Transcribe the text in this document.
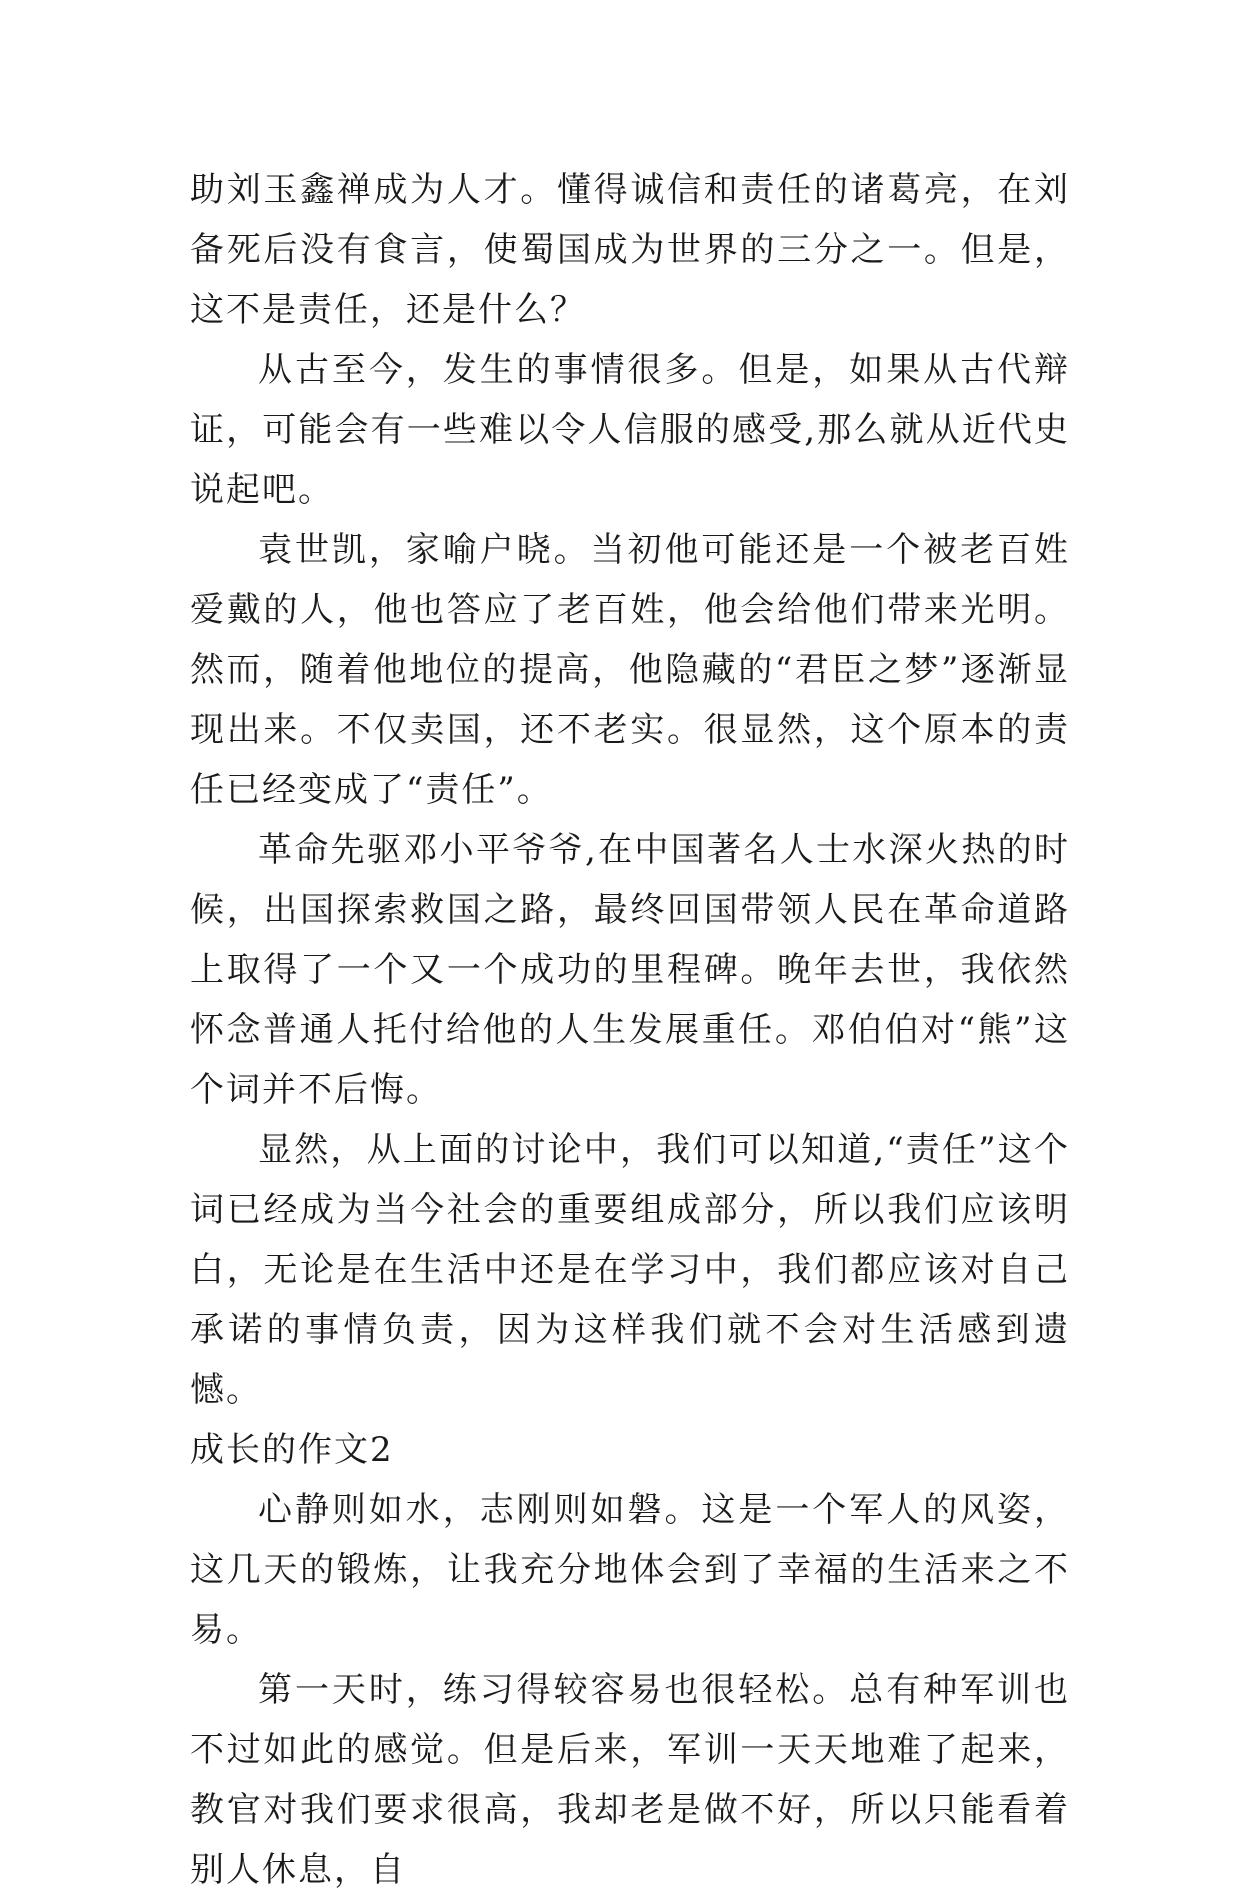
助刘玉鑫禅成为人才。懂得诚信和责任的诸葛亮，在刘备死后没有食言，使蜀国成为世界的三分之一。但是，这不是责任，还是什么？

从古至今，发生的事情很多。但是，如果从古代辩证，可能会有一些难以令人信服的感受,那么就从近代史说起吧。

袁世凯，家喻户晓。当初他可能还是一个被老百姓爱戴的人，他也答应了老百姓，他会给他们带来光明。然而，随着他地位的提高，他隐藏的“君臣之梦”逐渐显现出来。不仅卖国，还不老实。很显然，这个原本的责任已经变成了“责任”。

革命先驱邓小平爷爷,在中国著名人士水深火热的时候，出国探索救国之路，最终回国带领人民在革命道路上取得了一个又一个成功的里程碑。晚年去世，我依然怀念普通人托付给他的人生发展重任。邓伯伯对“熊”这个词并不后悔。

显然，从上面的讨论中，我们可以知道,“责任”这个词已经成为当今社会的重要组成部分，所以我们应该明白，无论是在生活中还是在学习中，我们都应该对自己承诺的事情负责，因为这样我们就不会对生活感到遗憾。

成长的作文2

心静则如水，志刚则如磐。这是一个军人的风姿，这几天的锻炼，让我充分地体会到了幸福的生活来之不易。

第一天时，练习得较容易也很轻松。总有种军训也不过如此的感觉。但是后来，军训一天天地难了起来，教官对我们要求很高，我却老是做不好，所以只能看着别人休息，自
